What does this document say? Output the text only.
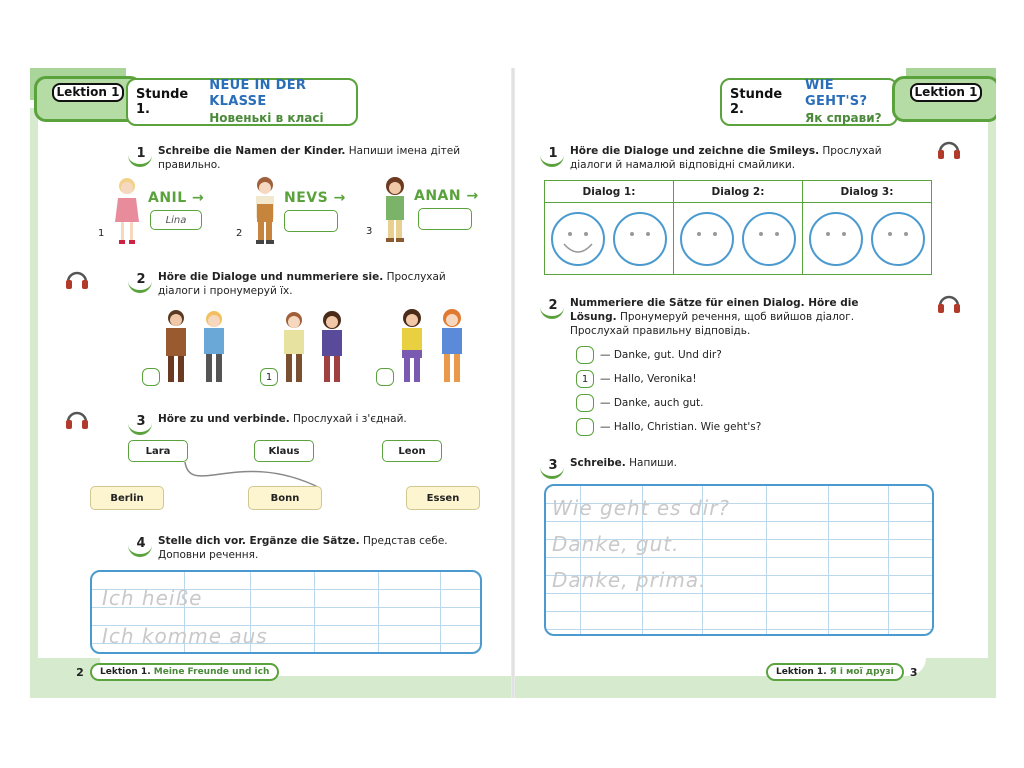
Lektion 1	Stunde 1.
NEUE IN DER KLASSE
Новенькі в класі
Stunde 2.
WIE GEHT'S?
Як справи?
Lektion 1
1	Schreibe die Namen der Kinder. Напиши імена дітей правильно.
1
ANIL →
Lina
2
NEVS →
3
ANAN →
2	Höre die Dialoge und nummeriere sie. Прослухай діалоги і пронумеруй їх.
1
3	Höre zu und verbinde. Прослухай і з'єднай.
Lara	Klaus	Leon
Berlin	Bonn	Essen
4	Stelle dich vor. Ergänze die Sätze. Представ себе. Доповни речення.
Ich heiße
Ich komme aus
2	Lektion 1. Meine Freunde und ich
1	Höre die Dialoge und zeichne die Smileys. Прослухай діалоги й намалюй відповідні смайлики.
Dialog 1:	Dialog 2:	Dialog 3:

2	Nummeriere die Sätze für einen Dialog. Höre die Lösung. Пронумеруй речення, щоб вийшов діалог. Прослухай правильну відповідь.
— Danke, gut. Und dir?
1	— Hallo, Veronika!
— Danke, auch gut.
— Hallo, Christian. Wie geht's?
3	Schreibe. Напиши.
Wie geht es dir?
Danke, gut.
Danke, prima.
Lektion 1. Я і мої друзі	3
